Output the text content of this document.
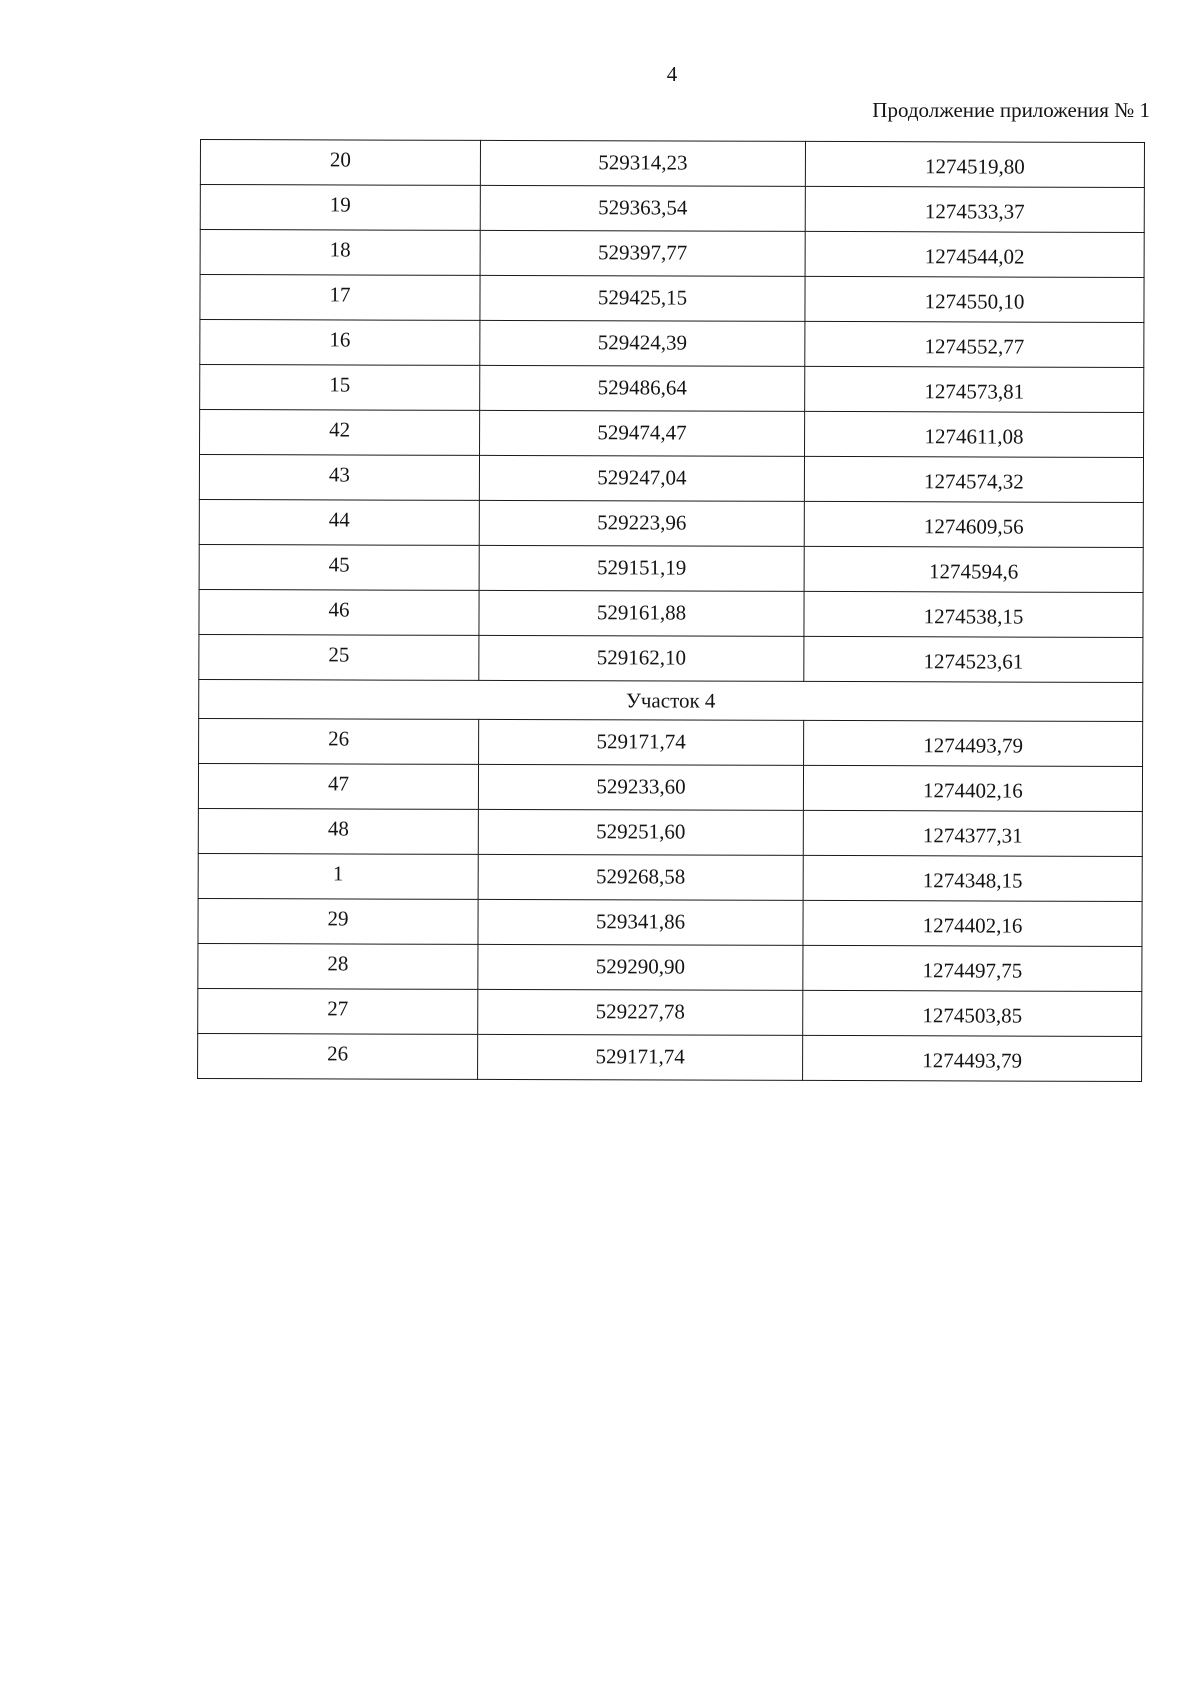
4
Продолжение приложения № 1
20	529314,23	1274519,80
19	529363,54	1274533,37
18	529397,77	1274544,02
17	529425,15	1274550,10
16	529424,39	1274552,77
15	529486,64	1274573,81
42	529474,47	1274611,08
43	529247,04	1274574,32
44	529223,96	1274609,56
45	529151,19	1274594,6
46	529161,88	1274538,15
25	529162,10	1274523,61
Участок 4		
26	529171,74	1274493,79
47	529233,60	1274402,16
48	529251,60	1274377,31
1	529268,58	1274348,15
29	529341,86	1274402,16
28	529290,90	1274497,75
27	529227,78	1274503,85
26	529171,74	1274493,79
